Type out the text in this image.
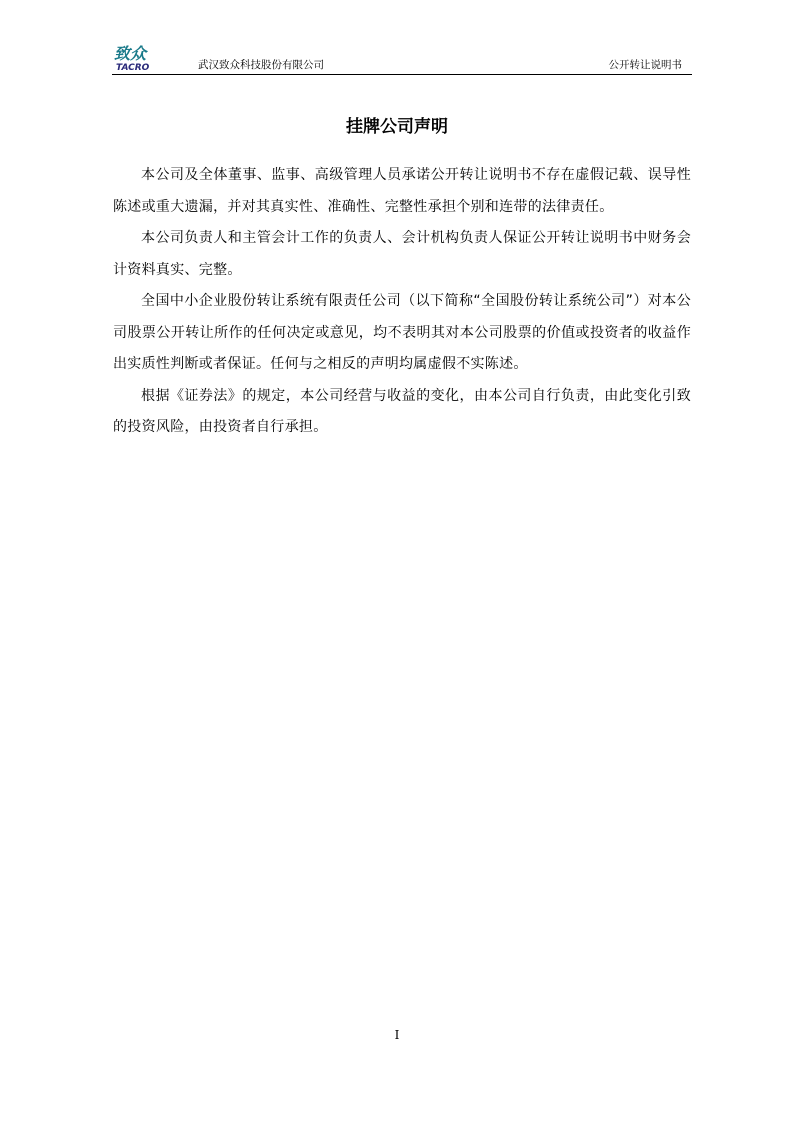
致众
TACRO	武汉致众科技股份有限公司	公开转让说明书
挂牌公司声明

本公司及全体董事、监事、高级管理人员承诺公开转让说明书不存在虚假记载、误导性陈述或重大遗漏，并对其真实性、准确性、完整性承担个别和连带的法律责任。

本公司负责人和主管会计工作的负责人、会计机构负责人保证公开转让说明书中财务会计资料真实、完整。

全国中小企业股份转让系统有限责任公司（以下简称“全国股份转让系统公司”）对本公司股票公开转让所作的任何决定或意见，均不表明其对本公司股票的价值或投资者的收益作出实质性判断或者保证。任何与之相反的声明均属虚假不实陈述。

根据《证券法》的规定，本公司经营与收益的变化，由本公司自行负责，由此变化引致的投资风险，由投资者自行承担。

I
